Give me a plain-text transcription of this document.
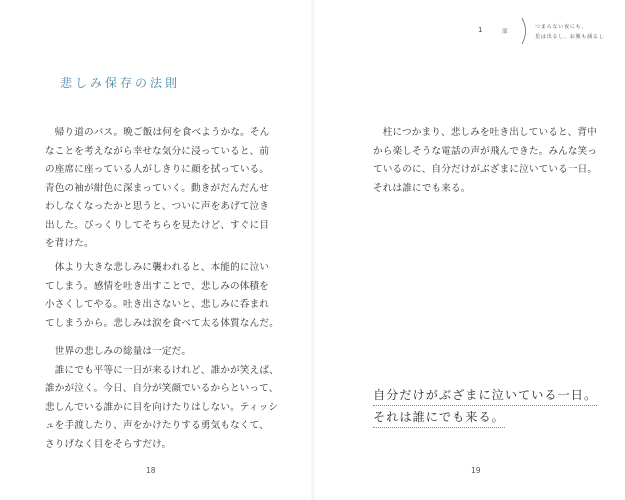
1	部
つまらない夜にも、
星は出るし、お腹も減るし
悲しみ保存の法則
　帰り道のバス。晩ご飯は何を食べようかな。そん
なことを考えながら幸せな気分に浸っていると、前
の座席に座っている人がしきりに顔を拭っている。
青色の袖が紺色に深まっていく。動きがだんだんせ
わしなくなったかと思うと、ついに声をあげて泣き
出した。びっくりしてそちらを見たけど、すぐに目
を背けた。
　体より大きな悲しみに襲われると、本能的に泣い
てしまう。感情を吐き出すことで、悲しみの体積を
小さくしてやる。吐き出さないと、悲しみに呑まれ
てしまうから。悲しみは涙を食べて太る体質なんだ。
　世界の悲しみの総量は一定だ。
　誰にでも平等に一日が来るけれど、誰かが笑えば、
誰かが泣く。今日、自分が笑顔でいるからといって、
悲しんでいる誰かに目を向けたりはしない。ティッシ
ュを手渡したり、声をかけたりする勇気もなくて、
さりげなく目をそらすだけ。
　柱につかまり、悲しみを吐き出していると、背中
から楽しそうな電話の声が飛んできた。みんな笑っ
ているのに、自分だけがぶざまに泣いている一日。
それは誰にでも来る。
自分だけがぶざまに泣いている一日。
それは誰にでも来る。
18	19
